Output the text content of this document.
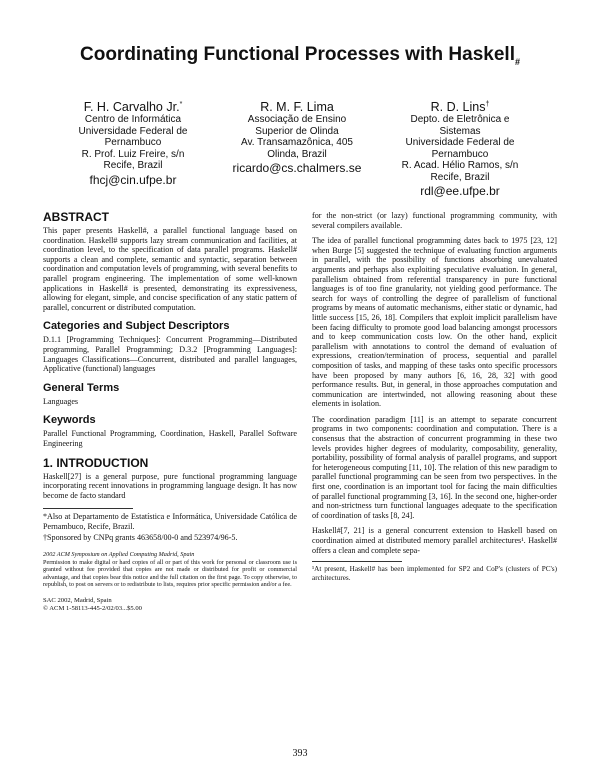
Coordinating Functional Processes with Haskell$_{\#}$
F. H. Carvalho Jr.*
Centro de Informática
Universidade Federal de
Pernambuco
R. Prof. Luiz Freire, s/n
Recife, Brazil
fhcj@cin.ufpe.br
R. M. F. Lima
Associação de Ensino
Superior de Olinda
Av. Transamazônica, 405
Olinda, Brazil
ricardo@cs.chalmers.se
R. D. Lins†
Depto. de Eletrônica e
Sistemas
Universidade Federal de
Pernambuco
R. Acad. Hélio Ramos, s/n
Recife, Brazil
rdl@ee.ufpe.br
ABSTRACT

This paper presents Haskell#, a parallel functional language based on coordination. Haskell# supports lazy stream communication and facilities, at coordination level, to the specification of data parallel programs. Haskell# supports a clean and complete, semantic and syntactic, separation between coordination and computation levels of programming, with several benefits to parallel program engineering. The implementation of some well-known applications in Haskell# is presented, demonstrating its expressiveness, allowing for elegant, simple, and concise specification of any static pattern of parallel, concurrent or distributed computation.

Categories and Subject Descriptors

D.1.1 [Programming Techniques]: Concurrent Programming—Distributed programming, Parallel Programming; D.3.2 [Programming Languages]: Languages Classifications—Concurrent, distributed and parallel languages, Applicative (functional) languages

General Terms

Languages

Keywords

Parallel Functional Programming, Coordination, Haskell, Parallel Software Engineering

1. INTRODUCTION

Haskell[27] is a general purpose, pure functional programming language incorporating recent innovations in programming language design. It has now become de facto standard

*Also at Departamento de Estatística e Informática, Universidade Católica de Pernambuco, Recife, Brazil.

†Sponsored by CNPq grants 463658/00-0 and 523974/96-5.

2002 ACM Symposium on Applied Computing Madrid, Spain
Permission to make digital or hard copies of all or part of this work for personal or classroom use is granted without fee provided that copies are not made or distributed for profit or commercial advantage, and that copies bear this notice and the full citation on the first page. To copy otherwise, to republish, to post on servers or to redistribute to lists, requires prior specific permission and/or a fee.
SAC 2002, Madrid, Spain
© ACM 1-58113-445-2/02/03...$5.00

for the non-strict (or lazy) functional programming community, with several compilers available.

The idea of parallel functional programming dates back to 1975 [23, 12] when Burge [5] suggested the technique of evaluating function arguments in parallel, with the possibility of functions absorbing unevaluated arguments and perhaps also exploiting speculative evaluation. In general, parallelism obtained from referential transparency in pure functional languages is of too fine granularity, not yielding good performance. The search for ways of controlling the degree of parallelism of functional programs by means of automatic mechanisms, either static or dynamic, had little success [15, 26, 18]. Compilers that exploit implicit parallelism have been facing difficulty to promote good load balancing amongst processors and to keep communication costs low. On the other hand, explicit parallelism with annotations to control the demand of evaluation of expressions, creation/termination of process, sequential and parallel composition of tasks, and mapping of these tasks onto specific processors have been proposed by many authors [6, 16, 28, 32] with good performance results. But, in general, in those approaches computation and communication are intertwinded, not allowing reasoning about these elements in isolation.

The coordination paradigm [11] is an attempt to separate concurrent programs in two components: coordination and computation. There is a consensus that the abstraction of concurrent programming in these two levels provides higher degrees of modularity, composability, generality, portability, possibility of formal analysis of parallel programs, and support for heterogeneous computing [11, 10]. The relation of this new paradigm to parallel functional programming can be seen from two perspectives. In the first one, coordination is an important tool for facing the main difficulties of parallel functional programming [3, 16]. In the second one, higher-order and non-strictness turn functional languages adequate to the specification of coordination of tasks [8, 24].

Haskell#[7, 21] is a general concurrent extension to Haskell based on coordination aimed at distributed memory parallel architectures¹. Haskell# offers a clean and complete sepa-

¹At present, Haskell# has been implemented for SP2 and CoP's (clusters of PC's) architectures.
393
